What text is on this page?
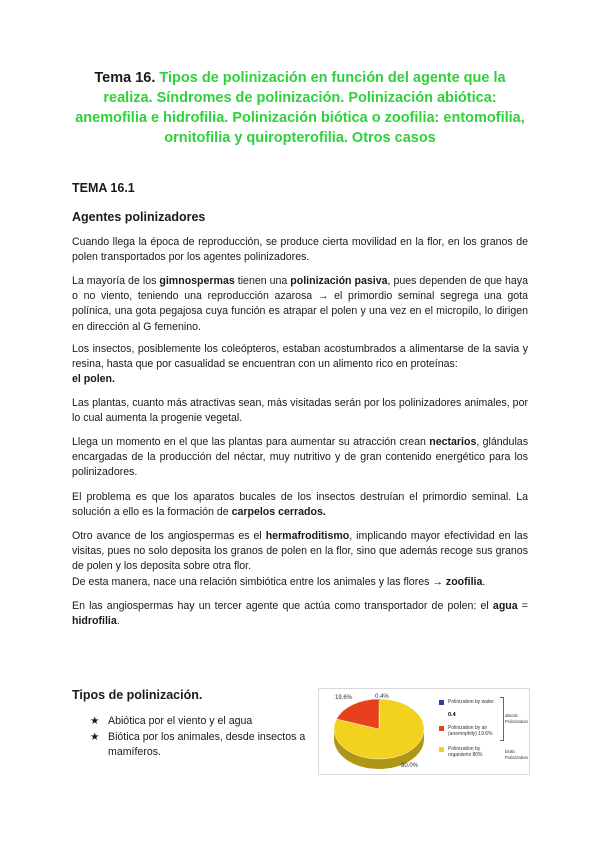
Tema 16. Tipos de polinización en función del agente que la realiza. Síndromes de polinización. Polinización abiótica: anemofilia e hidrofilia. Polinización biótica o zoofilia: entomofilia, ornitofilia y quiropterofilia. Otros casos
TEMA 16.1
Agentes polinizadores

Cuando llega la época de reproducción, se produce cierta movilidad en la flor, en los granos de polen transportados por los agentes polinizadores.

La mayoría de los gimnospermas tienen una polinización pasiva, pues dependen de que haya o no viento, teniendo una reproducción azarosa → el primordio seminal segrega una gota polínica, una gota pegajosa cuya función es atrapar el polen y una vez en el micropilo, lo dirigen en dirección al G femenino.

Los insectos, posiblemente los coleópteros, estaban acostumbrados a alimentarse de la savia y resina, hasta que por casualidad se encuentran con un alimento rico en proteínas:
el polen.

Las plantas, cuanto más atractivas sean, más visitadas serán por los polinizadores animales, por lo cual aumenta la progenie vegetal.

Llega un momento en el que las plantas para aumentar su atracción crean nectarios, glándulas encargadas de la producción del néctar, muy nutritivo y de gran contenido energético para los polinizadores.

El problema es que los aparatos bucales de los insectos destruían el primordio seminal. La solución a ello es la formación de carpelos cerrados.

Otro avance de los angiospermas es el hermafroditismo, implicando mayor efectividad en las visitas, pues no solo deposita los granos de polen en la flor, sino que además recoge sus granos de polen y los deposita sobre otra flor.
De esta manera, nace una relación simbiótica entre los animales y las flores → zoofilia.

En las angiospermas hay un tercer agente que actúa como transportador de polen: el agua = hidrofilia.

Tipos de polinización.
★ Abiótica por el viento y el agua
★ Biótica por los animales, desde insectos a mamíferos.
19.6%	0.4%
80.0%
Polinization by water
0.4
Polinization by air (anemophily) 19.6%
Polinization by organisms 80%
abiotic Polinization
biotic Polinization
